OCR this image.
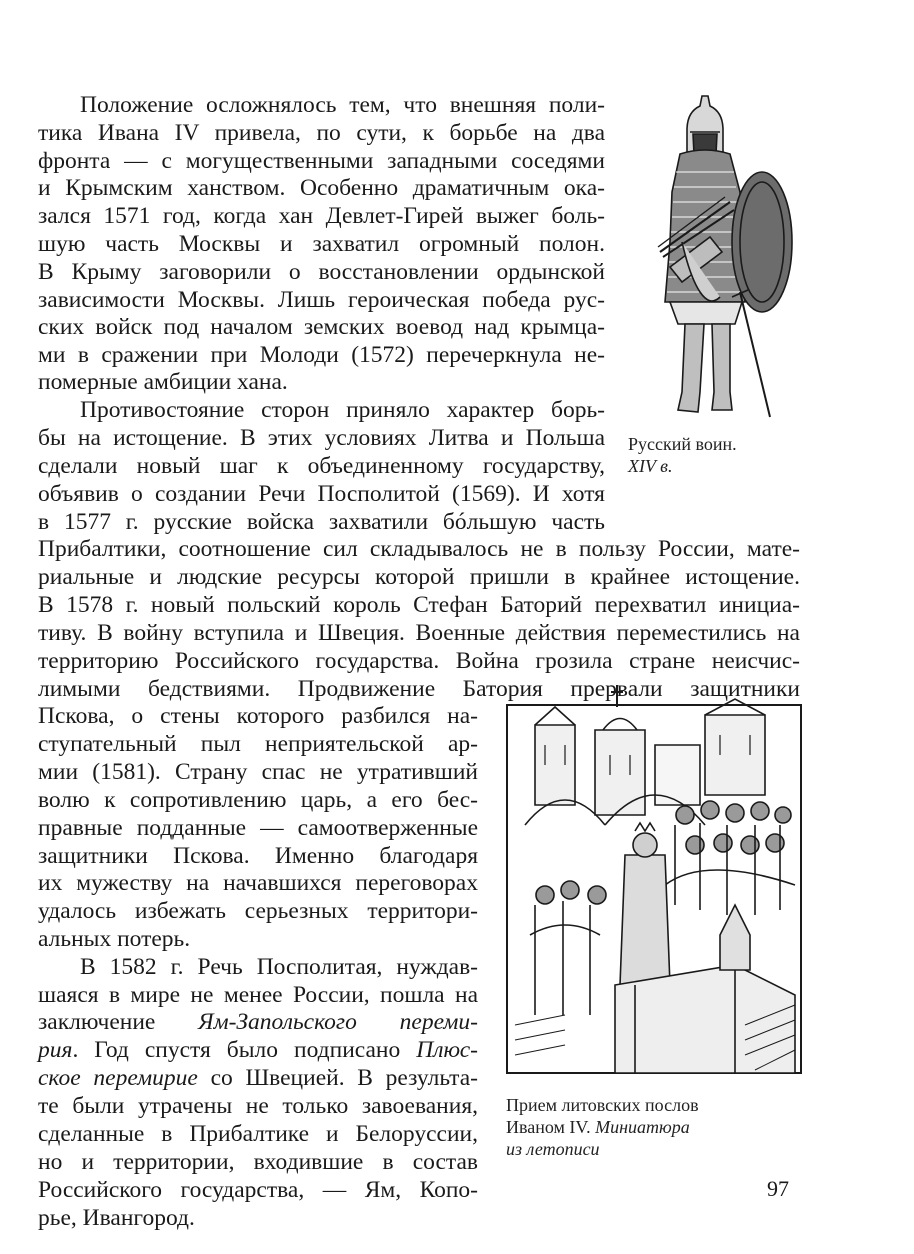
Положение осложнялось тем, что внешняя поли-
тика Ивана IV привела, по сути, к борьбе на два
фронта — с могущественными западными соседями
и Крымским ханством. Особенно драматичным ока-
зался 1571 год, когда хан Девлет-Гирей выжег боль-
шую часть Москвы и захватил огромный полон.
В Крыму заговорили о восстановлении ордынской
зависимости Москвы. Лишь героическая победа рус-
ских войск под началом земских воевод над крымца-
ми в сражении при Молоди (1572) перечеркнула не-
померные амбиции хана.
Противостояние сторон приняло характер борь-
бы на истощение. В этих условиях Литва и Польша
сделали новый шаг к объединенному государству,
объявив о создании Речи Посполитой (1569). И хотя
в 1577 г. русские войска захватили бóльшую часть
Прибалтики, соотношение сил складывалось не в пользу России, мате-
риальные и людские ресурсы которой пришли в крайнее истощение.
В 1578 г. новый польский король Стефан Баторий перехватил инициа-
тиву. В войну вступила и Швеция. Военные действия переместились на
территорию Российского государства. Война грозила стране неисчис-
лимыми бедствиями. Продвижение Батория прервали защитники
Пскова, о стены которого разбился на-
ступательный пыл неприятельской ар-
мии (1581). Страну спас не утративший
волю к сопротивлению царь, а его бес-
правные подданные — самоотверженные
защитники Пскова. Именно благодаря
их мужеству на начавшихся переговорах
удалось избежать серьезных территори-
альных потерь.
В 1582 г. Речь Посполитая, нуждав-
шаяся в мире не менее России, пошла на
заключение Ям-Запольского переми-
рия. Год спустя было подписано Плюс-
ское перемирие со Швецией. В результа-
те были утрачены не только завоевания,
сделанные в Прибалтике и Белоруссии,
но и территории, входившие в состав
Российского государства, — Ям, Копо-
рье, Ивангород.
Русский воин.
XIV в.
Прием литовских послов
Иваном IV. Миниатюра
из летописи
97
